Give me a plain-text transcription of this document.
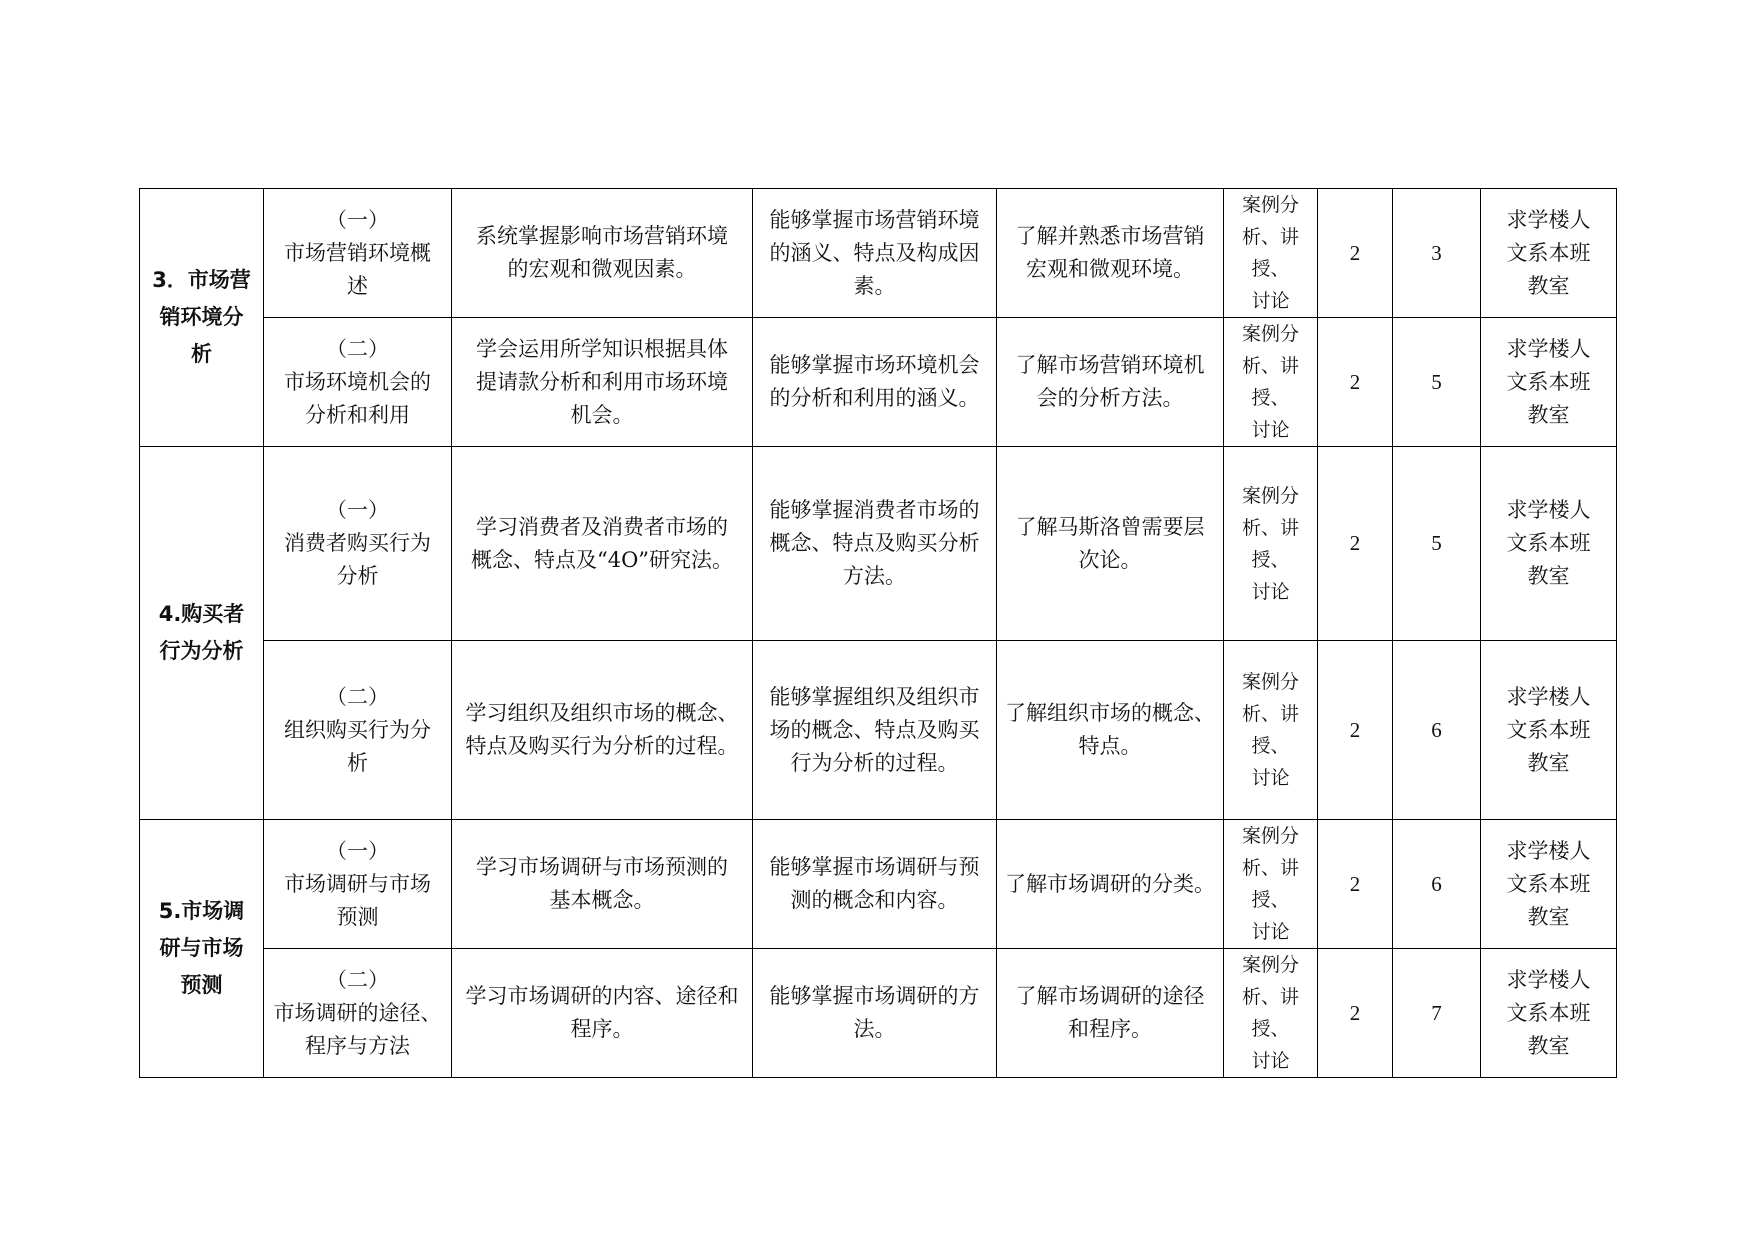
3．市场营
销环境分
析	（一）
市场营销环境概
述	系统掌握影响市场营销环境
的宏观和微观因素。	能够掌握市场营销环境
的涵义、特点及构成因
素。	了解并熟悉市场营销
宏观和微观环境。	案例分
析、讲授、
讨论	2	3	求学楼人
文系本班
教室

	（二）
市场环境机会的
分析和利用	学会运用所学知识根据具体
提请款分析和利用市场环境
机会。	能够掌握市场环境机会
的分析和利用的涵义。	了解市场营销环境机
会的分析方法。	案例分
析、讲授、
讨论	2	5	求学楼人
文系本班
教室

4.购买者
行为分析	（一）
消费者购买行为
分析	学习消费者及消费者市场的
概念、特点及“4O”研究法。	能够掌握消费者市场的
概念、特点及购买分析
方法。	了解马斯洛曾需要层
次论。	案例分
析、讲授、
讨论	2	5	求学楼人
文系本班
教室

	（二）
组织购买行为分
析	学习组织及组织市场的概念、
特点及购买行为分析的过程。	能够掌握组织及组织市
场的概念、特点及购买
行为分析的过程。	了解组织市场的概念、
特点。	案例分
析、讲授、
讨论	2	6	求学楼人
文系本班
教室

5.市场调
研与市场
预测	（一）
市场调研与市场
预测	学习市场调研与市场预测的
基本概念。	能够掌握市场调研与预
测的概念和内容。	了解市场调研的分类。	案例分
析、讲授、
讨论	2	6	求学楼人
文系本班
教室

	（二）
市场调研的途径、
程序与方法	学习市场调研的内容、途径和
程序。	能够掌握市场调研的方
法。	了解市场调研的途径
和程序。	案例分
析、讲授、
讨论	2	7	求学楼人
文系本班
教室
